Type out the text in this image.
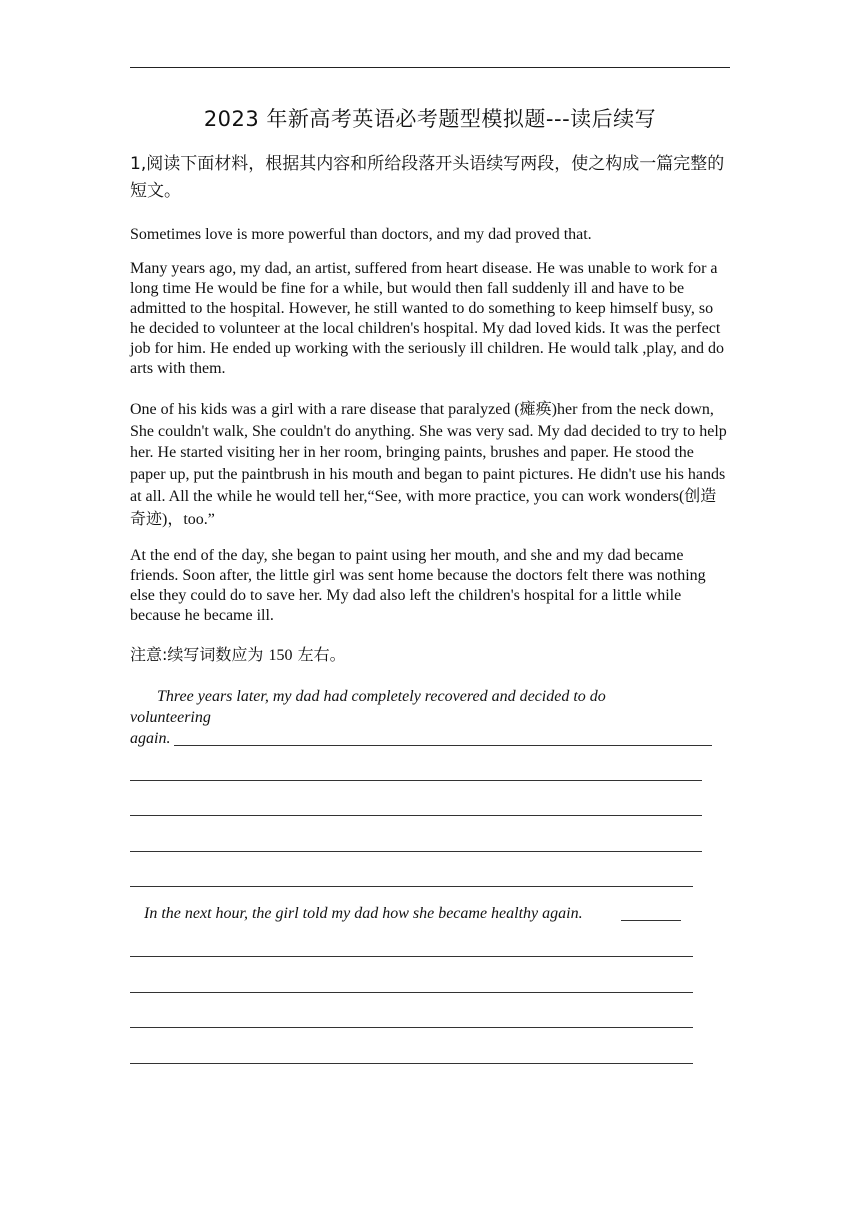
2023 年新高考英语必考题型模拟题---读后续写
1,阅读下面材料，根据其内容和所给段落开头语续写两段，使之构成一篇完整的短文。
Sometimes love is more powerful than doctors, and my dad proved that.
Many years ago, my dad, an artist, suffered from heart disease. He was unable to work for a long time He would be fine for a while, but would then fall suddenly ill and have to be admitted to the hospital. However, he still wanted to do something to keep himself busy, so he decided to volunteer at the local children's hospital. My dad loved kids. It was the perfect job for him. He ended up working with the seriously ill children. He would talk ,play, and do arts with them.
One of his kids was a girl with a rare disease that paralyzed (瘫痪)her from the neck down, She couldn't walk, She couldn't do anything. She was very sad. My dad decided to try to help her. He started visiting her in her room, bringing paints, brushes and paper. He stood the paper up, put the paintbrush in his mouth and began to paint pictures. He didn't use his hands at all. All the while he would tell her,“See, with more practice, you can work wonders(创造奇迹)，too.”
At the end of the day, she began to paint using her mouth, and she and my dad became friends. Soon after, the little girl was sent home because the doctors felt there was nothing else they could do to save her. My dad also left the children's hospital for a little while because he became ill.
注意:续写词数应为 150 左右。
Three years later, my dad had completely recovered and decided to do
volunteering
again.
In the next hour, the girl told my dad how she became healthy again.
